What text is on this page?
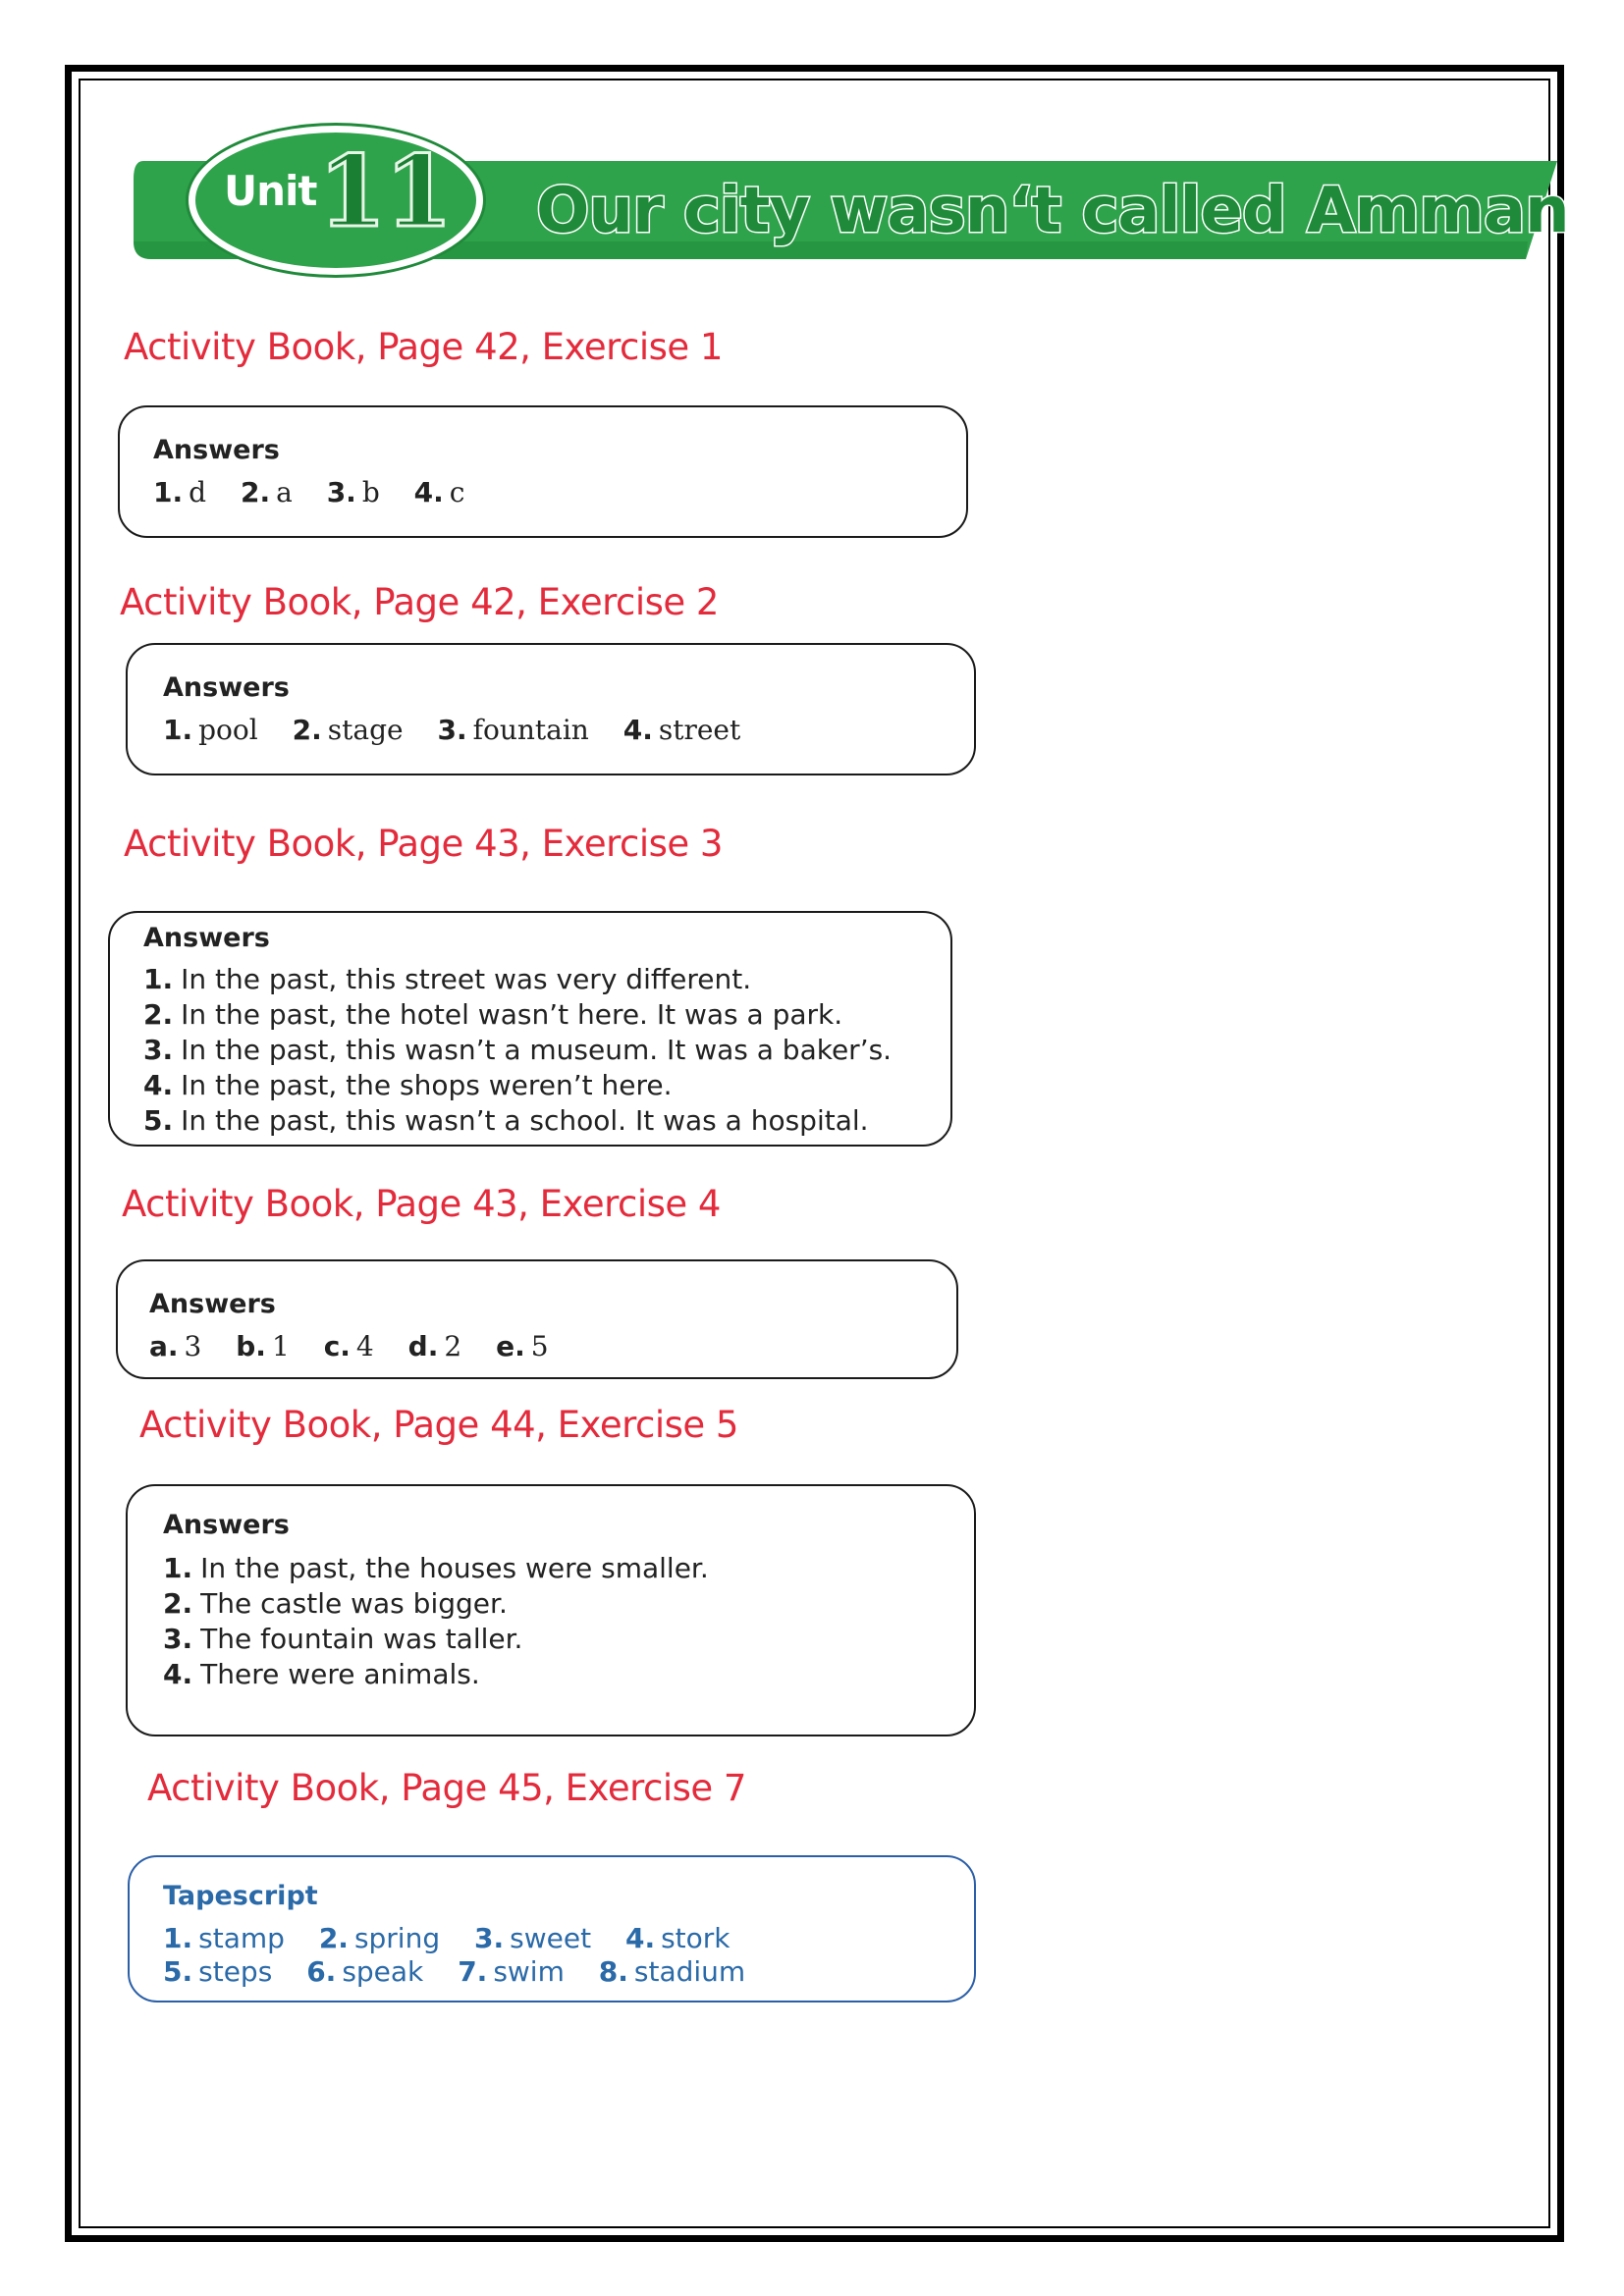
Unit 11 Our city wasn‘t called Amman
Activity Book, Page 42, Exercise 1
Answers
1. d 2. a 3. b 4. c
Activity Book, Page 42, Exercise 2
Answers
1. pool 2. stage 3. fountain 4. street
Activity Book, Page 43, Exercise 3
Answers
1. In the past, this street was very different.
2. In the past, the hotel wasn’t here. It was a park.
3. In the past, this wasn’t a museum. It was a baker’s.
4. In the past, the shops weren’t here.
5. In the past, this wasn’t a school. It was a hospital.
Activity Book, Page 43, Exercise 4
Answers
a. 3 b. 1 c. 4 d. 2 e. 5
Activity Book, Page 44, Exercise 5
Answers
1. In the past, the houses were smaller.
2. The castle was bigger.
3. The fountain was taller.
4. There were animals.
Activity Book, Page 45, Exercise 7
Tapescript
1. stamp 2. spring 3. sweet 4. stork
5. steps 6. speak 7. swim 8. stadium
